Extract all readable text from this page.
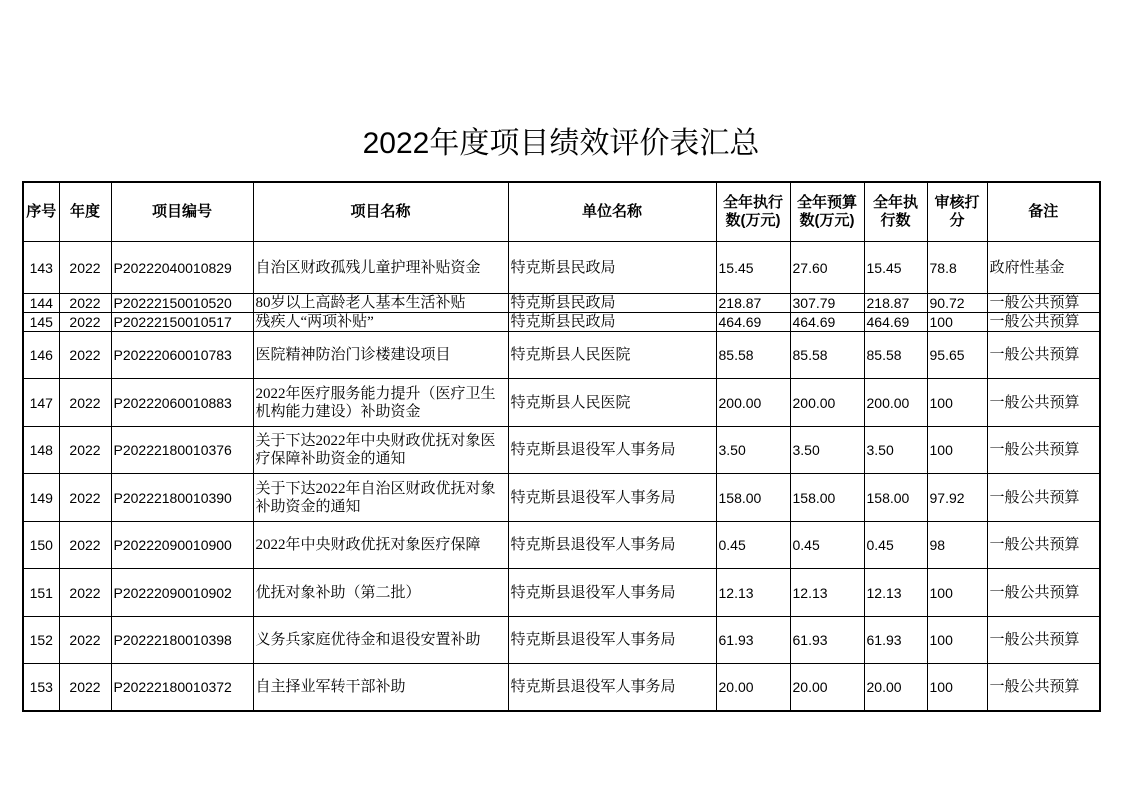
2022年度项目绩效评价表汇总
序号	年度	项目编号	项目名称	单位名称	全年执行数(万元)	全年预算数(万元)	全年执行数	审核打分	备注
143	2022	P20222040010829	自治区财政孤残儿童护理补贴资金	特克斯县民政局	15.45	27.60	15.45	78.8	政府性基金
144	2022	P20222150010520	80岁以上高龄老人基本生活补贴	特克斯县民政局	218.87	307.79	218.87	90.72	一般公共预算
145	2022	P20222150010517	残疾人“两项补贴”	特克斯县民政局	464.69	464.69	464.69	100	一般公共预算
146	2022	P20222060010783	医院精神防治门诊楼建设项目	特克斯县人民医院	85.58	85.58	85.58	95.65	一般公共预算
147	2022	P20222060010883	2022年医疗服务能力提升（医疗卫生机构能力建设）补助资金	特克斯县人民医院	200.00	200.00	200.00	100	一般公共预算
148	2022	P20222180010376	关于下达2022年中央财政优抚对象医疗保障补助资金的通知	特克斯县退役军人事务局	3.50	3.50	3.50	100	一般公共预算
149	2022	P20222180010390	关于下达2022年自治区财政优抚对象补助资金的通知	特克斯县退役军人事务局	158.00	158.00	158.00	97.92	一般公共预算
150	2022	P20222090010900	2022年中央财政优抚对象医疗保障	特克斯县退役军人事务局	0.45	0.45	0.45	98	一般公共预算
151	2022	P20222090010902	优抚对象补助（第二批）	特克斯县退役军人事务局	12.13	12.13	12.13	100	一般公共预算
152	2022	P20222180010398	义务兵家庭优待金和退役安置补助	特克斯县退役军人事务局	61.93	61.93	61.93	100	一般公共预算
153	2022	P20222180010372	自主择业军转干部补助	特克斯县退役军人事务局	20.00	20.00	20.00	100	一般公共预算
